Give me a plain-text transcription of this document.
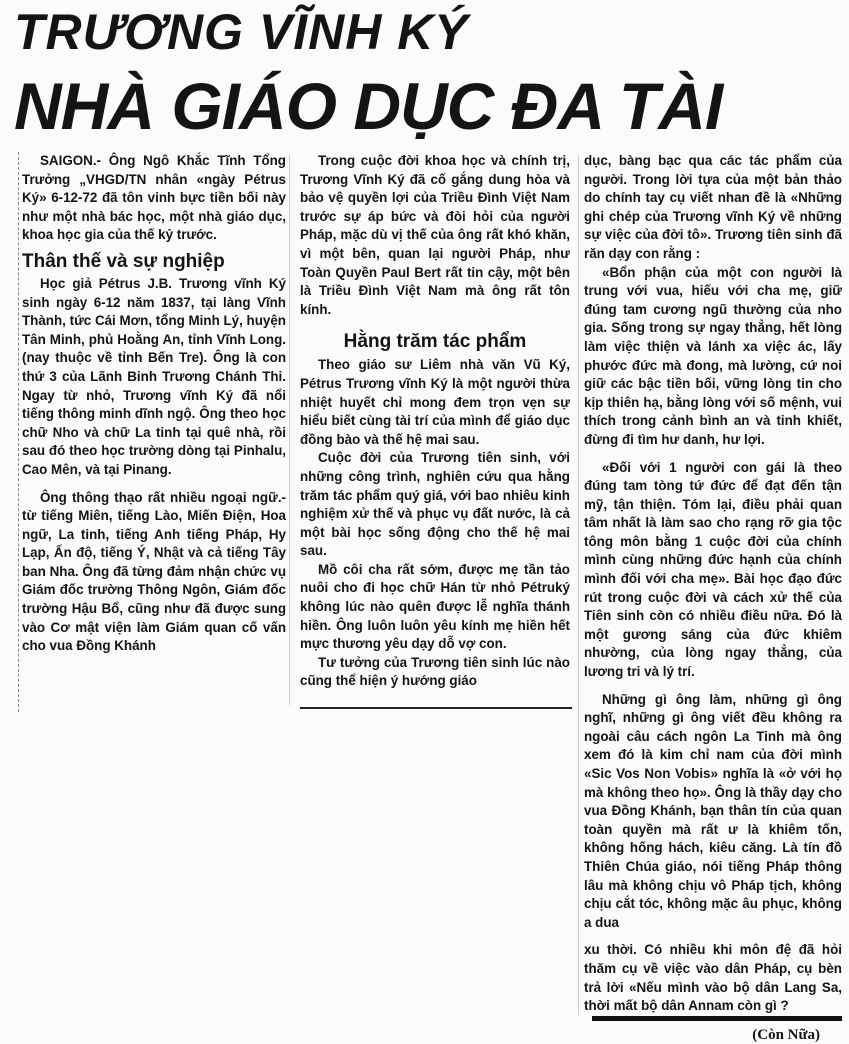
TRƯƠNG VĨNH KÝ
NHÀ GIÁO DỤC ĐA TÀI

SAIGON.- Ông Ngô Khắc Tĩnh Tổng Trưởng „VHGD/TN nhân «ngày Pétrus Ký» 6-12-72 đã tôn vinh bực tiền bối này như một nhà bác học, một nhà giáo dục, khoa học gia của thế kỷ trước.

Thân thế và sự nghiệp

Học giả Pétrus J.B. Trương vĩnh Ký sinh ngày 6-12 năm 1837, tại làng Vĩnh Thành, tức Cái Mơn, tổng Minh Lý, huyện Tân Minh, phủ Hoằng An, tỉnh Vĩnh Long. (nay thuộc về tỉnh Bến Tre). Ông là con thứ 3 của Lãnh Binh Trương Chánh Thi. Ngay từ nhỏ, Trương vĩnh Ký đã nổi tiếng thông minh dĩnh ngộ. Ông theo học chữ Nho và chữ La tinh tại quê nhà, rồi sau đó theo học trường dòng tại Pinhalu, Cao Mên, và tại Pinang.

Ông thông thạo rất nhiều ngoại ngữ.- từ tiếng Miên, tiếng Lào, Miến Điện, Hoa ngữ, La tinh, tiếng Anh tiếng Pháp, Hy Lạp, Ấn độ, tiếng Ý, Nhật và cả tiếng Tây ban Nha. Ông đã từng đảm nhận chức vụ Giám đốc trường Thông Ngôn, Giám đốc trường Hậu Bổ, cũng như đã được sung vào Cơ mật viện làm Giám quan cố vấn cho vua Đồng Khánh

Trong cuộc đời khoa học và chính trị, Trương Vĩnh Ký đã cố gắng dung hòa và bảo vệ quyền lợi của Triều Đình Việt Nam trước sự áp bức và đòi hỏi của người Pháp, mặc dù vị thế của ông rất khó khăn, vì một bên, quan lại người Pháp, như Toàn Quyền Paul Bert rất tin cậy, một bên là Triều Đình Việt Nam mà ông rất tôn kính.

Hằng trăm tác phẩm

Theo giáo sư Liêm nhà văn Vũ Ký, Pétrus Trương vĩnh Ký là một người thừa nhiệt huyết chỉ mong đem trọn vẹn sự hiểu biết cùng tài trí của mình để giáo dục đồng bào và thế hệ mai sau.

Cuộc đời của Trương tiên sinh, với những công trình, nghiên cứu qua hằng trăm tác phẩm quý giá, với bao nhiêu kinh nghiệm xử thế và phục vụ đất nước, là cả một bài học sống động cho thế hệ mai sau.

Mồ côi cha rất sớm, được mẹ tần tảo nuôi cho đi học chữ Hán từ nhỏ Pétruký không lúc nào quên được lễ nghĩa thánh hiền. Ông luôn luôn yêu kính mẹ hiền hết mực thương yêu dạy dỗ vợ con.

Tư tưởng của Trương tiên sinh lúc nào cũng thể hiện ý hướng giáo

dục, bàng bạc qua các tác phẩm của người. Trong lời tựa của một bản thảo do chính tay cụ viết nhan đề là «Những ghi chép của Trương vĩnh Ký về những sự việc của đời tô». Trương tiên sinh đã răn dạy con rằng :

«Bổn phận của một con người là trung với vua, hiếu với cha mẹ, giữ đúng tam cương ngũ thường của nho gia. Sống trong sự ngay thẳng, hết lòng làm việc thiện và lánh xa việc ác, lấy phước đức mà đong, mà lường, cứ noi giữ các bậc tiền bối, vững lòng tin cho kịp thiên hạ, bằng lòng với số mệnh, vui thích trong cảnh bình an và tinh khiết, đừng đi tìm hư danh, hư lợi.

«Đối với 1 người con gái là theo đúng tam tòng tứ đức để đạt đến tận mỹ, tận thiện. Tóm lại, điều phải quan tâm nhất là làm sao cho rạng rỡ gia tộc tông môn bằng 1 cuộc đời của chính mình cùng những đức hạnh của chính mình đối với cha mẹ». Bài học đạo đức rút trong cuộc đời và cách xử thế của Tiên sinh còn có nhiều điều nữa. Đó là một gương sáng của đức khiêm nhường, của lòng ngay thẳng, của lương tri và lý trí.

Những gì ông làm, những gì ông nghĩ, những gì ông viết đều không ra ngoài câu cách ngôn La Tinh mà ông xem đó là kim chỉ nam của đời mình «Sic Vos Non Vobis» nghĩa là «ở với họ mà không theo họ». Ông là thầy dạy cho vua Đồng Khánh, bạn thân tín của quan toàn quyền mà rất ư là khiêm tốn, không hống hách, kiêu căng. Là tín đồ Thiên Chúa giáo, nói tiếng Pháp thông lâu mà không chịu vô Pháp tịch, không chịu cắt tóc, không mặc âu phục, không a dua

xu thời. Có nhiều khi môn đệ đã hỏi thăm cụ về việc vào dân Pháp, cụ bèn trả lời «Nếu mình vào bộ dân Lang Sa, thời mất bộ dân Annam còn gì ?

(Còn Nữa)
